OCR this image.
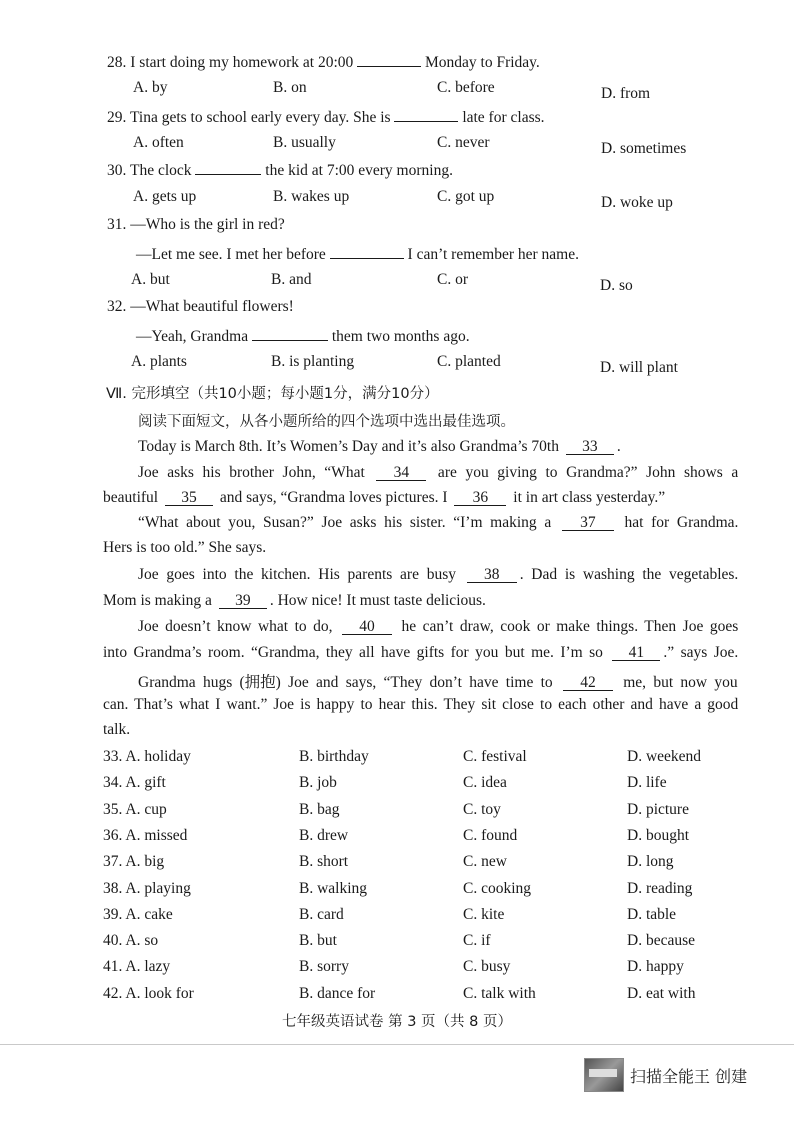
28. I start doing my homework at 20:00	Monday to Friday.
A. by	B. on	C. before	D. from
29. Tina gets to school early every day. She is	late for class.
A. often	B. usually	C. never	D. sometimes
30. The clock	the kid at 7:00 every morning.
A. gets up	B. wakes up	C. got up	D. woke up
31. —Who is the girl in red?
—Let me see. I met her before	I can’t remember her name.
A. but	B. and	C. or	D. so
32. —What beautiful flowers!
—Yeah, Grandma	them two months ago.
A. plants	B. is planting	C. planted	D. will plant
Ⅶ. 完形填空（共10小题；每小题1分，满分10分）
阅读下面短文，从各小题所给的四个选项中选出最佳选项。
Today is March 8th. It’s Women’s Day and it’s also Grandma’s 70th 33 .
Joe asks his brother John, “What 34 are you giving to Grandma?” John shows a
beautiful 35 and says, “Grandma loves pictures. I 36 it in art class yesterday.”
“What about you, Susan?” Joe asks his sister. “I’m making a 37 hat for Grandma.
Hers is too old.” She says.
Joe goes into the kitchen. His parents are busy 38 . Dad is washing the vegetables.
Mom is making a 39 . How nice! It must taste delicious.
Joe doesn’t know what to do, 40 he can’t draw, cook or make things. Then Joe goes
into Grandma’s room. “Grandma, they all have gifts for you but me. I’m so 41 .” says Joe.
Grandma hugs (拥抱) Joe and says, “They don’t have time to 42 me, but now you
can. That’s what I want.” Joe is happy to hear this. They sit close to each other and have a good
talk.
33. A. holiday	B. birthday	C. festival	D. weekend
34. A. gift	B. job	C. idea	D. life
35. A. cup	B. bag	C. toy	D. picture
36. A. missed	B. drew	C. found	D. bought
37. A. big	B. short	C. new	D. long
38. A. playing	B. walking	C. cooking	D. reading
39. A. cake	B. card	C. kite	D. table
40. A. so	B. but	C. if	D. because
41. A. lazy	B. sorry	C. busy	D. happy
42. A. look for	B. dance for	C. talk with	D. eat with
七年级英语试卷 第 3 页（共 8 页）
扫描全能王 创建
